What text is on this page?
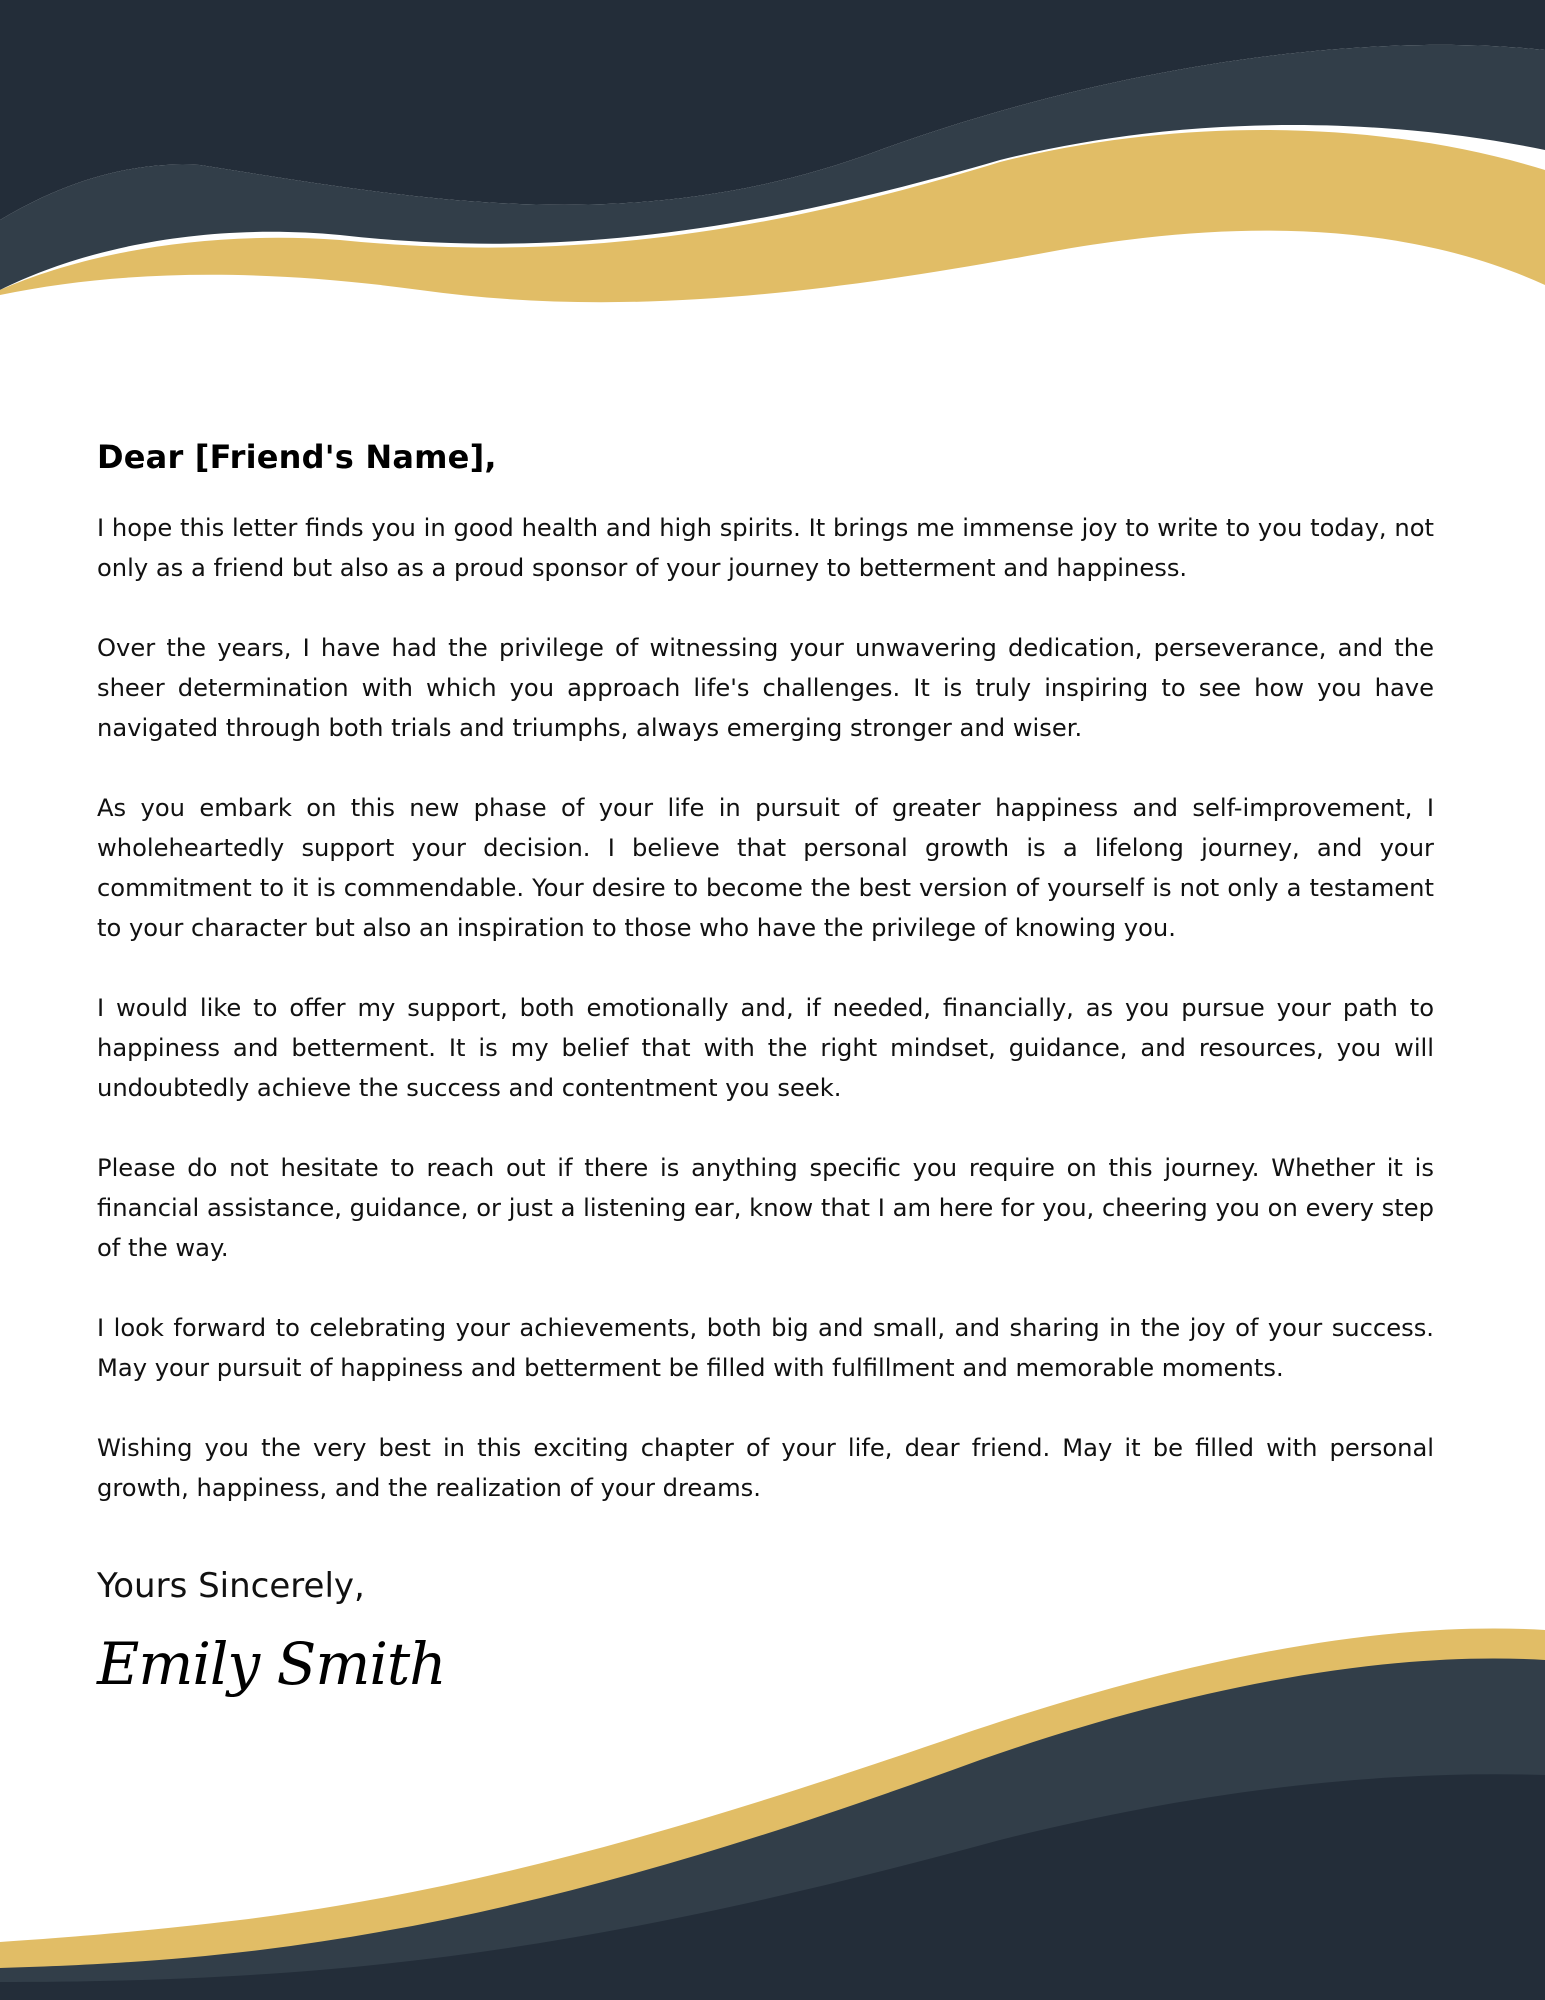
Dear [Friend's Name],

I hope this letter finds you in good health and high spirits. It brings me immense joy to write to you today, not only as a friend but also as a proud sponsor of your journey to betterment and happiness.

Over the years, I have had the privilege of witnessing your unwavering dedication, perseverance, and the sheer determination with which you approach life's challenges. It is truly inspiring to see how you have navigated through both trials and triumphs, always emerging stronger and wiser.

As you embark on this new phase of your life in pursuit of greater happiness and self-improvement, I wholeheartedly support your decision. I believe that personal growth is a lifelong journey, and your commitment to it is commendable. Your desire to become the best version of yourself is not only a testament to your character but also an inspiration to those who have the privilege of knowing you.

I would like to offer my support, both emotionally and, if needed, financially, as you pursue your path to happiness and betterment. It is my belief that with the right mindset, guidance, and resources, you will undoubtedly achieve the success and contentment you seek.

Please do not hesitate to reach out if there is anything specific you require on this journey. Whether it is financial assistance, guidance, or just a listening ear, know that I am here for you, cheering you on every step of the way.

I look forward to celebrating your achievements, both big and small, and sharing in the joy of your success. May your pursuit of happiness and betterment be filled with fulfillment and memorable moments.

Wishing you the very best in this exciting chapter of your life, dear friend. May it be filled with personal growth, happiness, and the realization of your dreams.

Yours Sincerely,

Emily Smith
